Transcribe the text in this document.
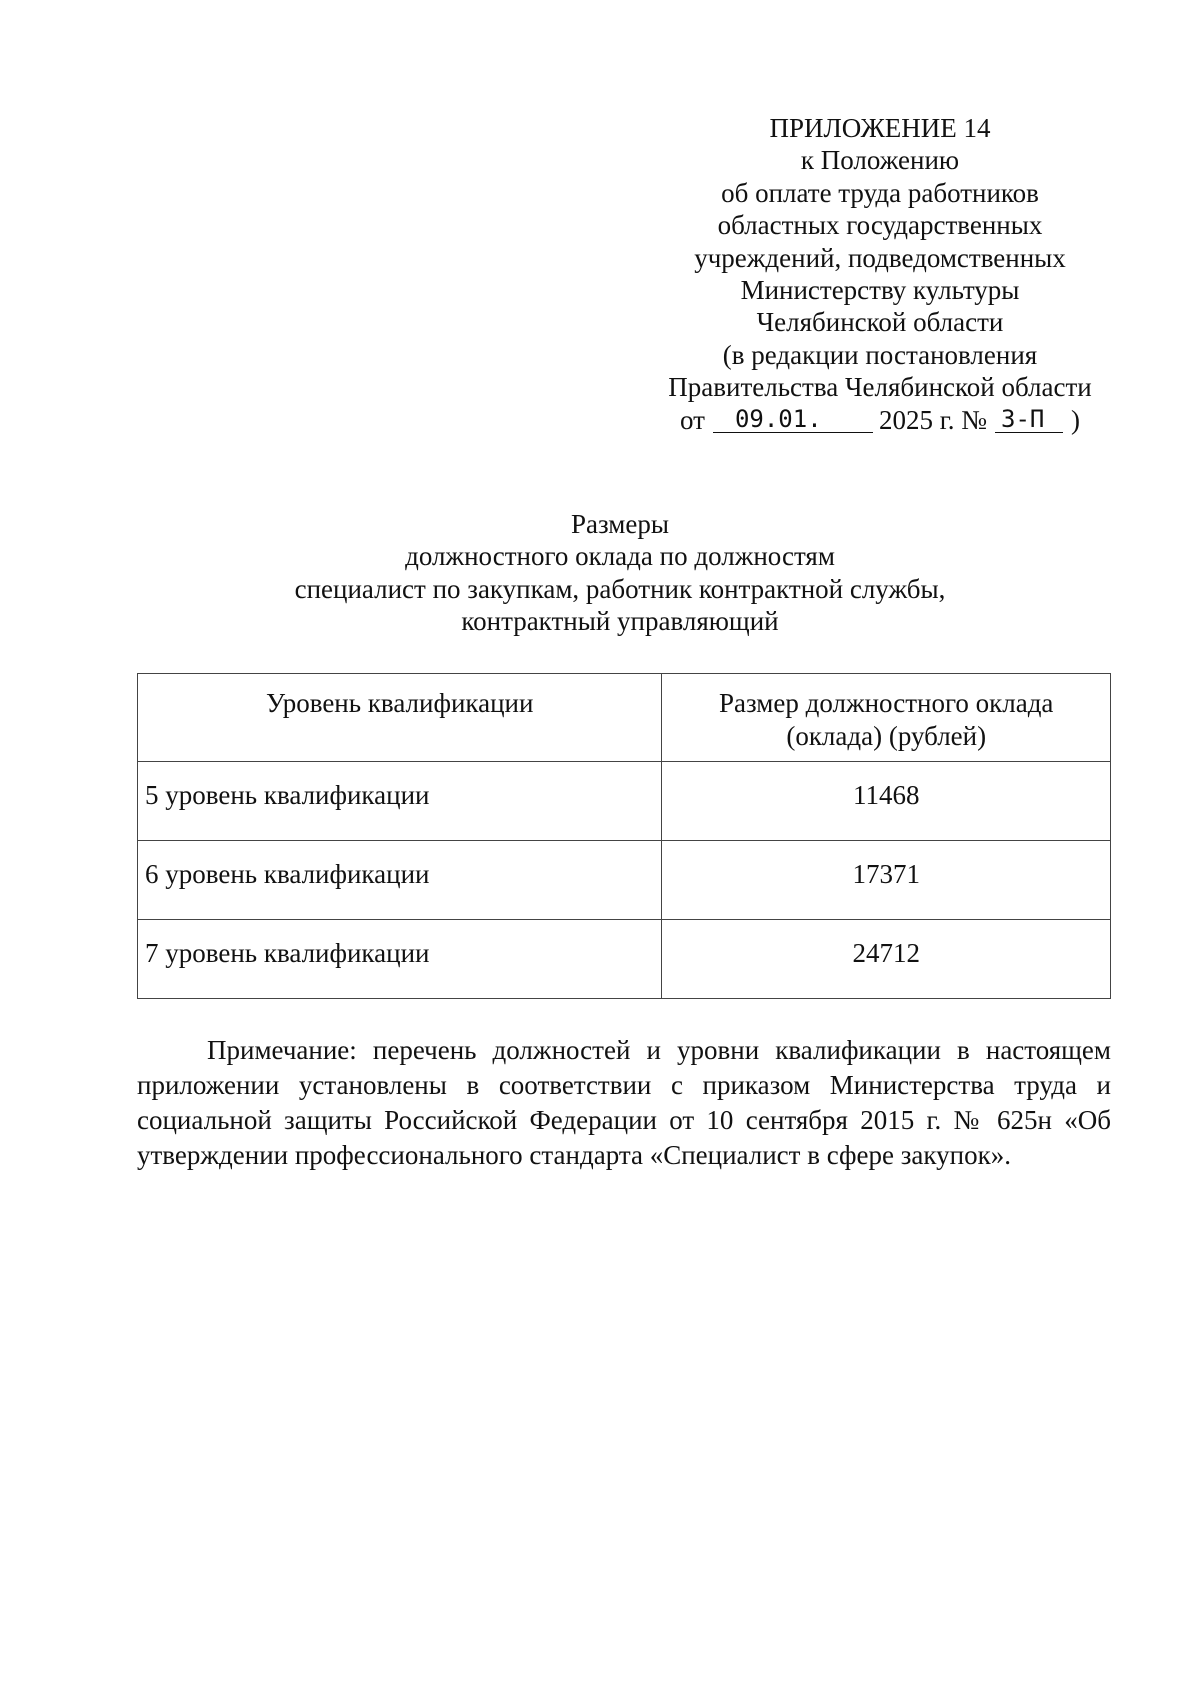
ПРИЛОЖЕНИЕ 14
к Положению
об оплате труда работников
областных государственных
учреждений, подведомственных
Министерству культуры
Челябинской области
(в редакции постановления
Правительства Челябинской области
от	09.01.	2025 г. № 3-П )
Размеры
должностного оклада по должностям
специалист по закупкам, работник контрактной службы,
контрактный управляющий
Уровень квалификации	Размер должностного оклада
(оклада) (рублей)
5 уровень квалификации	11468
6 уровень квалификации	17371
7 уровень квалификации	24712

Примечание: перечень должностей и уровни квалификации в настоящем приложении установлены в соответствии с приказом Министерства труда и социальной защиты Российской Федерации от 10 сентября 2015 г. № 625н «Об утверждении профессионального стандарта «Специалист в сфере закупок».
